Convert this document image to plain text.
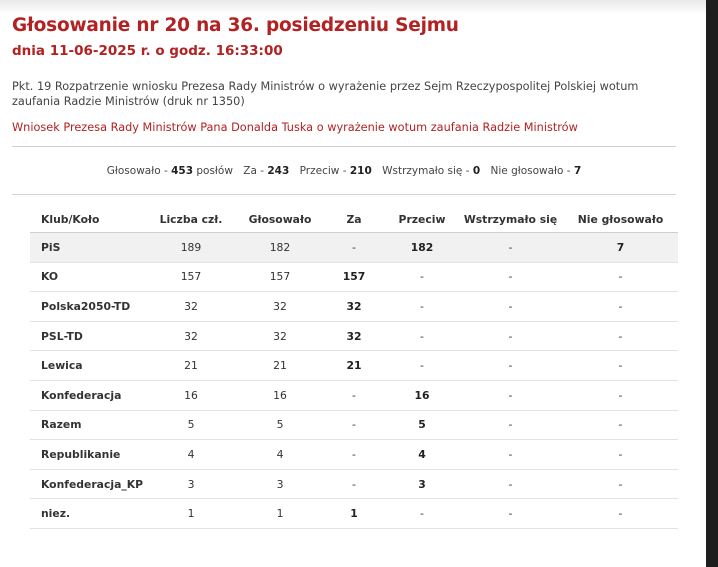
Głosowanie nr 20 na 36. posiedzeniu Sejmu
dnia 11-06-2025 r. o godz. 16:33:00
Pkt. 19 Rozpatrzenie wniosku Prezesa Rady Ministrów o wyrażenie przez Sejm Rzeczypospolitej Polskiej wotum zaufania Radzie Ministrów (druk nr 1350)
Wniosek Prezesa Rady Ministrów Pana Donalda Tuska o wyrażenie wotum zaufania Radzie Ministrów
Głosowało - 453 posłów Za - 243 Przeciw - 210 Wstrzymało się - 0 Nie głosowało - 7
Klub/Koło	Liczba czł.	Głosowało	Za	Przeciw	Wstrzymało się	Nie głosowało
PiS	189	182	-	182	-	7
KO	157	157	157	-	-	-
Polska2050-TD	32	32	32	-	-	-
PSL-TD	32	32	32	-	-	-
Lewica	21	21	21	-	-	-
Konfederacja	16	16	-	16	-	-
Razem	5	5	-	5	-	-
Republikanie	4	4	-	4	-	-
Konfederacja_KP	3	3	-	3	-	-
niez.	1	1	1	-	-	-
